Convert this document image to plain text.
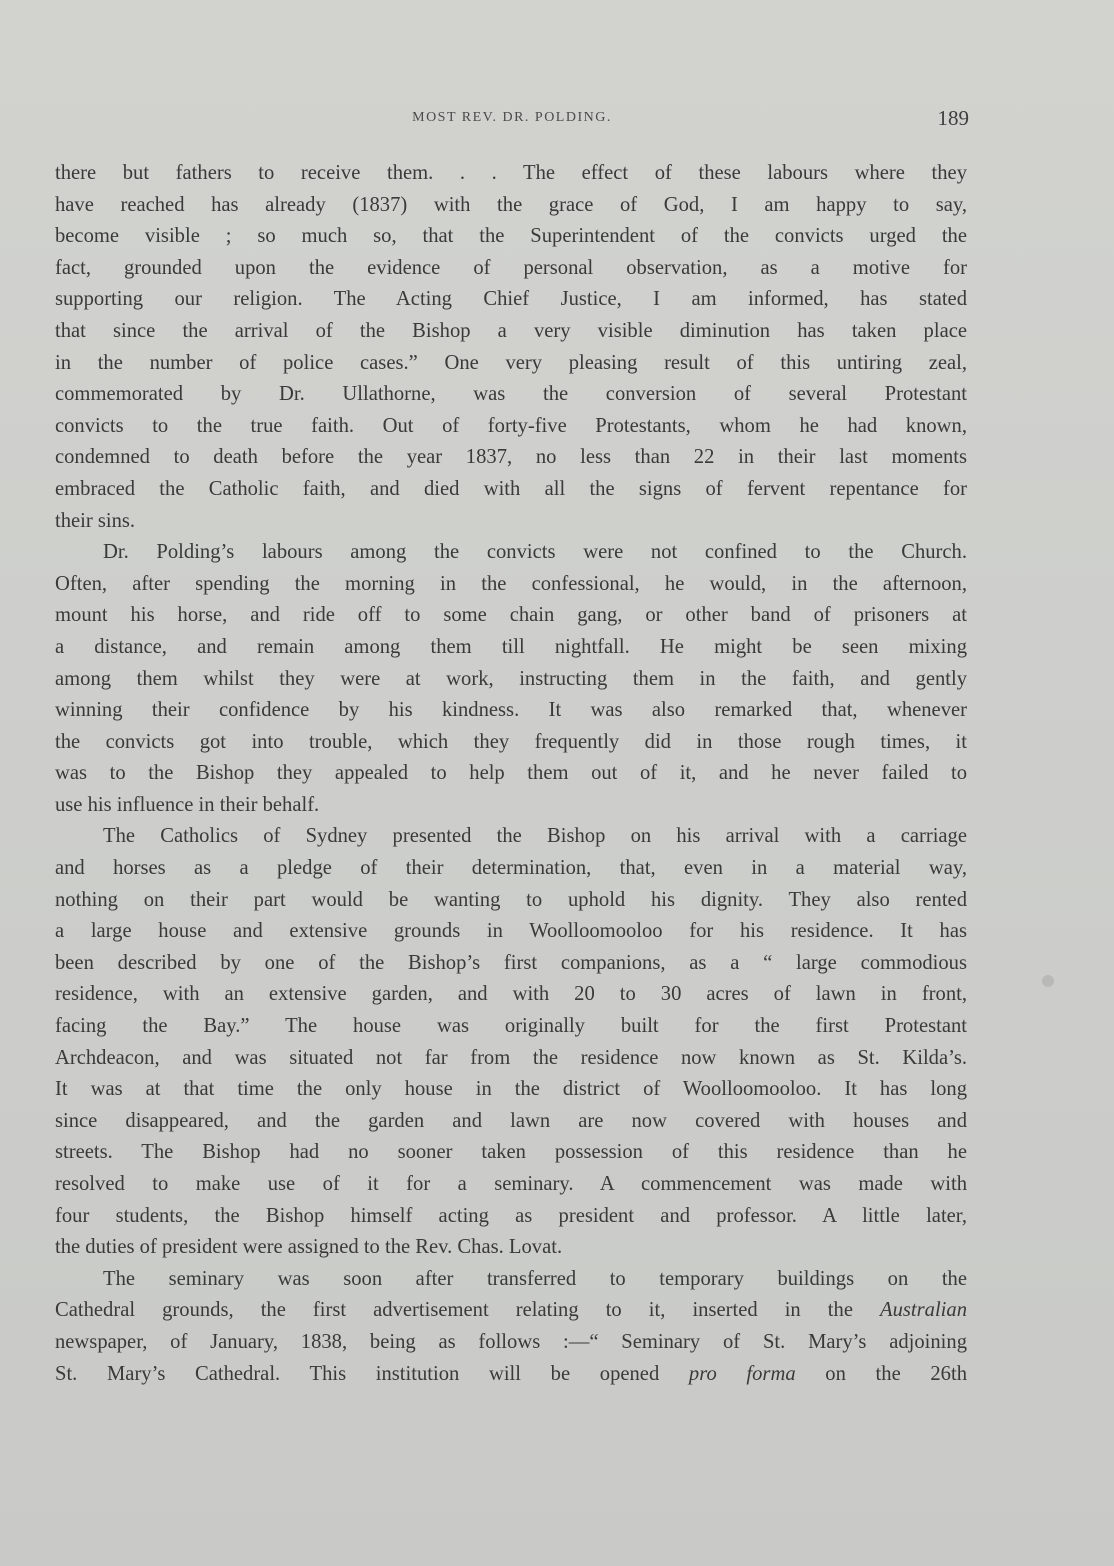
MOST REV. DR. POLDING.	189
there but fathers to receive them. . . The effect of these labours where they
have reached has already (1837) with the grace of God, I am happy to say,
become visible ; so much so, that the Superintendent of the convicts urged the
fact, grounded upon the evidence of personal observation, as a motive for
supporting our religion. The Acting Chief Justice, I am informed, has stated
that since the arrival of the Bishop a very visible diminution has taken place
in the number of police cases.” One very pleasing result of this untiring zeal,
commemorated by Dr. Ullathorne, was the conversion of several Protestant
convicts to the true faith. Out of forty-five Protestants, whom he had known,
condemned to death before the year 1837, no less than 22 in their last moments
embraced the Catholic faith, and died with all the signs of fervent repentance for
their sins.
Dr. Polding’s labours among the convicts were not confined to the Church.
Often, after spending the morning in the confessional, he would, in the afternoon,
mount his horse, and ride off to some chain gang, or other band of prisoners at
a distance, and remain among them till nightfall. He might be seen mixing
among them whilst they were at work, instructing them in the faith, and gently
winning their confidence by his kindness. It was also remarked that, whenever
the convicts got into trouble, which they frequently did in those rough times, it
was to the Bishop they appealed to help them out of it, and he never failed to
use his influence in their behalf.
The Catholics of Sydney presented the Bishop on his arrival with a carriage
and horses as a pledge of their determination, that, even in a material way,
nothing on their part would be wanting to uphold his dignity. They also rented
a large house and extensive grounds in Woolloomooloo for his residence. It has
been described by one of the Bishop’s first companions, as a “ large commodious
residence, with an extensive garden, and with 20 to 30 acres of lawn in front,
facing the Bay.” The house was originally built for the first Protestant
Archdeacon, and was situated not far from the residence now known as St. Kilda’s.
It was at that time the only house in the district of Woolloomooloo. It has long
since disappeared, and the garden and lawn are now covered with houses and
streets. The Bishop had no sooner taken possession of this residence than he
resolved to make use of it for a seminary. A commencement was made with
four students, the Bishop himself acting as president and professor. A little later,
the duties of president were assigned to the Rev. Chas. Lovat.
The seminary was soon after transferred to temporary buildings on the
Cathedral grounds, the first advertisement relating to it, inserted in the Australian
newspaper, of January, 1838, being as follows :—“ Seminary of St. Mary’s adjoining
St. Mary’s Cathedral. This institution will be opened pro forma on the 26th
